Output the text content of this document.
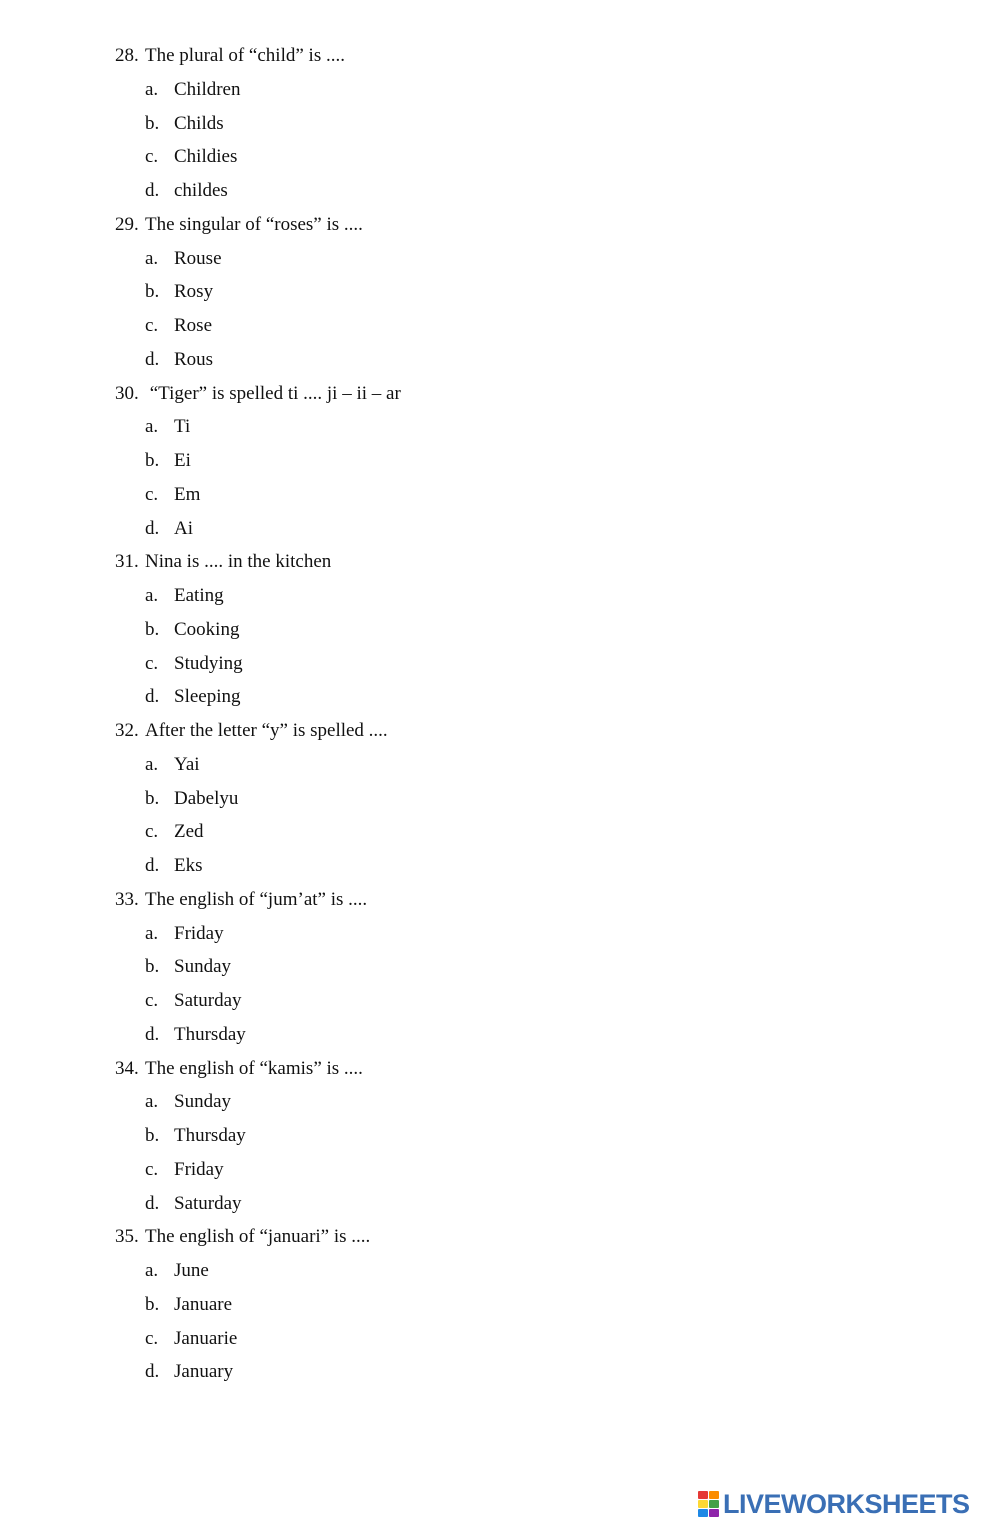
28. The plural of “child” is ....
a. Children
b. Childs
c. Childies
d. childes
29. The singular of “roses” is ....
a. Rouse
b. Rosy
c. Rose
d. Rous
30. “Tiger” is spelled ti .... ji – ii – ar
a. Ti
b. Ei
c. Em
d. Ai
31. Nina is .... in the kitchen
a. Eating
b. Cooking
c. Studying
d. Sleeping
32. After the letter “y” is spelled ....
a. Yai
b. Dabelyu
c. Zed
d. Eks
33. The english of “jum’at” is ....
a. Friday
b. Sunday
c. Saturday
d. Thursday
34. The english of “kamis” is ....
a. Sunday
b. Thursday
c. Friday
d. Saturday
35. The english of “januari” is ....
a. June
b. Januare
c. Januarie
d. January
LIVEWORKSHEETS
